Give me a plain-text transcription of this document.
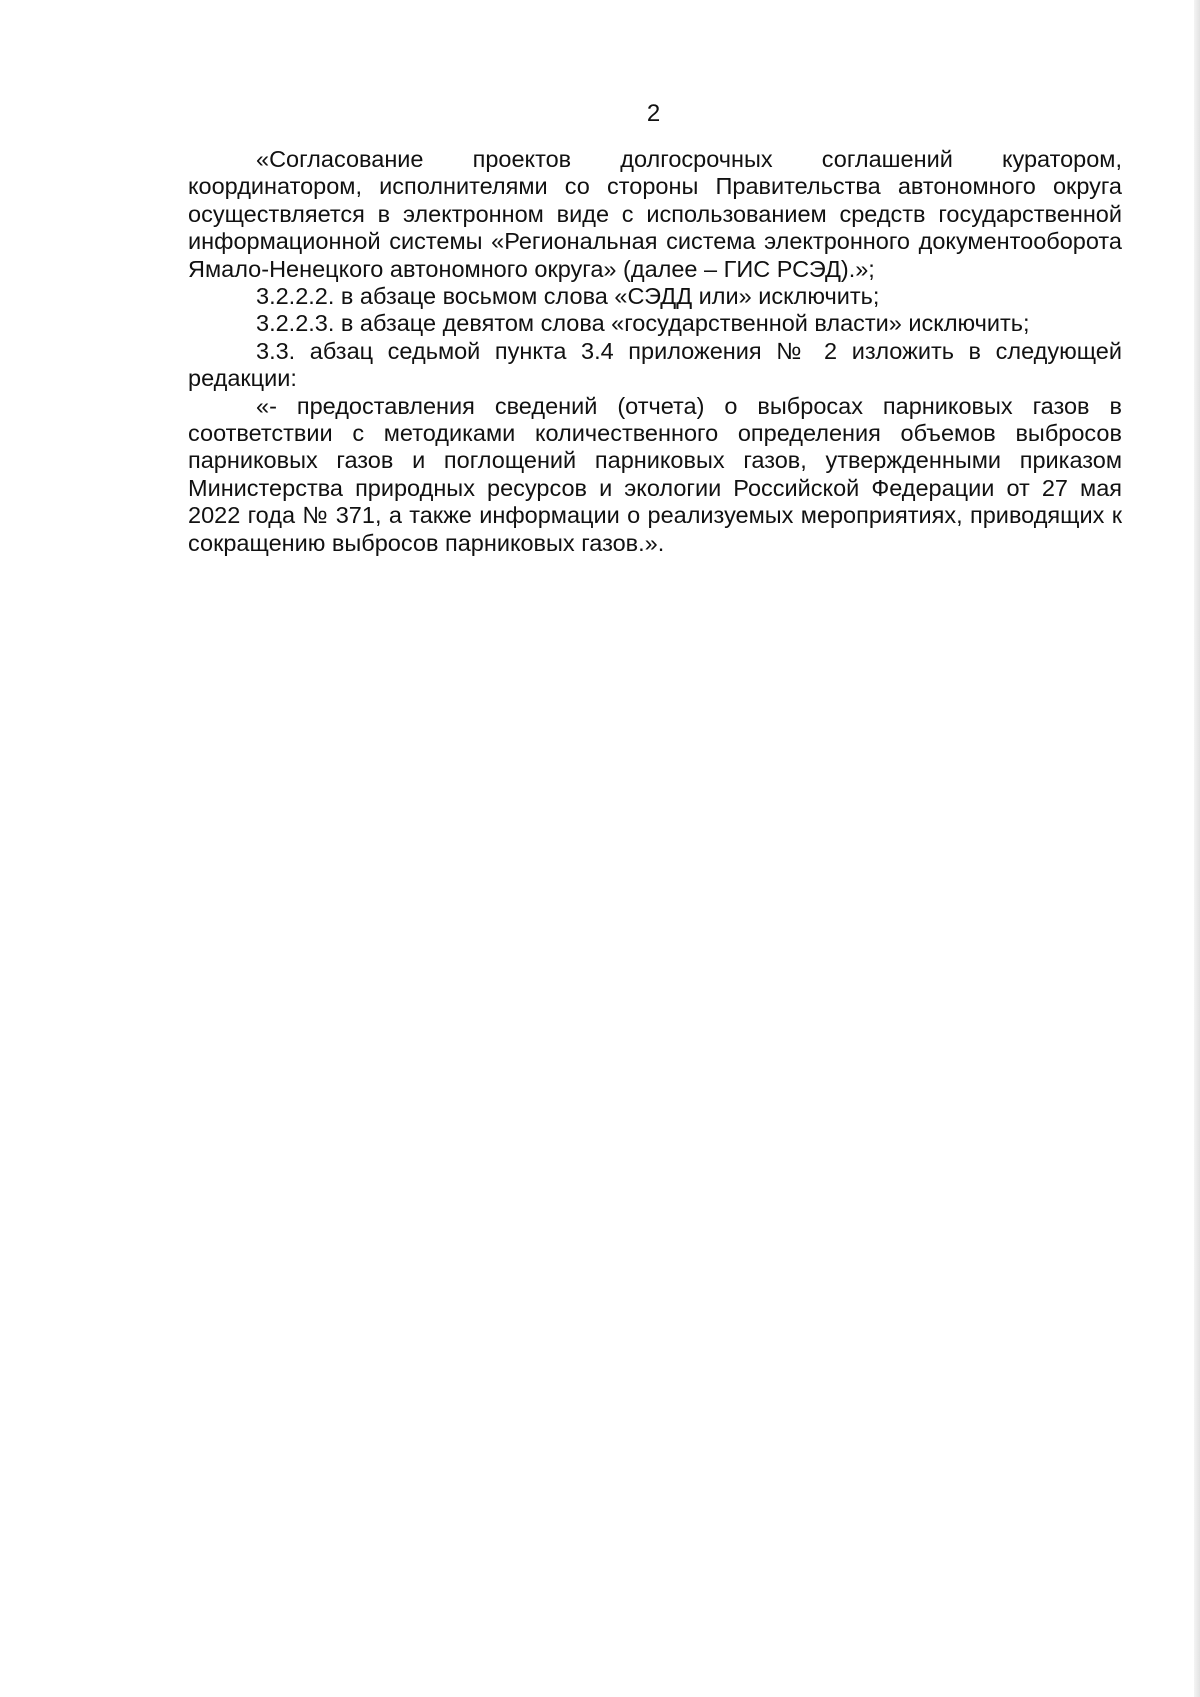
2

«Согласование проектов долгосрочных соглашений куратором, координатором, исполнителями со стороны Правительства автономного округа осуществляется в электронном виде с использованием средств государственной информационной системы «Региональная система электронного документооборота Ямало-Ненецкого автономного округа» (далее – ГИС РСЭД).»;

3.2.2.2. в абзаце восьмом слова «СЭДД или» исключить;

3.2.2.3. в абзаце девятом слова «государственной власти» исключить;

3.3. абзац седьмой пункта 3.4 приложения № 2 изложить в следующей редакции:

«- предоставления сведений (отчета) о выбросах парниковых газов в соответствии с методиками количественного определения объемов выбросов парниковых газов и поглощений парниковых газов, утвержденными приказом Министерства природных ресурсов и экологии Российской Федерации от 27 мая 2022 года № 371, а также информации о реализуемых мероприятиях, приводящих к сокращению выбросов парниковых газов.».
